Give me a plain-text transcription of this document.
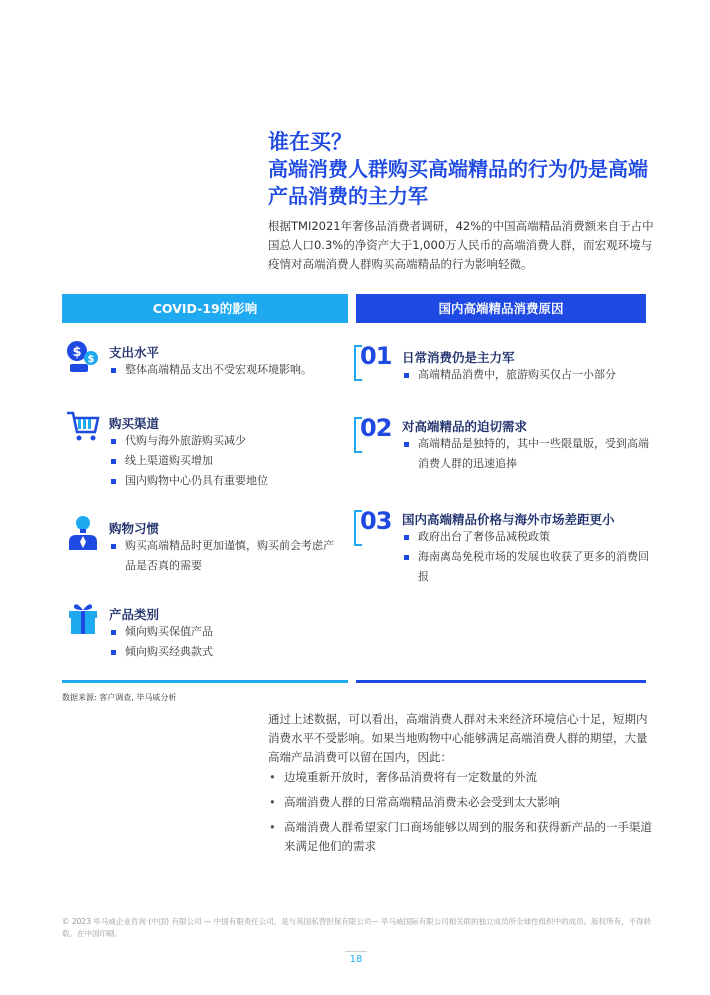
谁在买？
高端消费人群购买高端精品的行为仍是高端产品消费的主力军
根据TMI2021年奢侈品消费者调研，42%的中国高端精品消费额来自于占中国总人口0.3%的净资产大于1,000万人民币的高端消费人群，而宏观环境与疫情对高端消费人群购买高端精品的行为影响轻微。
COVID-19的影响	国内高端精品消费原因
$ $ 支出水平
整体高端精品支出不受宏观环境影响。
购买渠道
代购与海外旅游购买减少
线上渠道购买增加
国内购物中心仍具有重要地位
购物习惯
购买高端精品时更加谨慎，购买前会考虑产品是否真的需要
产品类别
倾向购买保值产品
倾向购买经典款式
01 日常消费仍是主力军
高端精品消费中，旅游购买仅占一小部分
02 对高端精品的迫切需求
高端精品是独特的，其中一些限量版，受到高端消费人群的迅速追捧
03 国内高端精品价格与海外市场差距更小
政府出台了奢侈品减税政策
海南离岛免税市场的发展也收获了更多的消费回报
数据来源: 客户调查, 毕马威分析
通过上述数据，可以看出，高端消费人群对未来经济环境信心十足，短期内消费水平不受影响。如果当地购物中心能够满足高端消费人群的期望，大量高端产品消费可以留在国内，因此：
• 边境重新开放时，奢侈品消费将有一定数量的外流
• 高端消费人群的日常高端精品消费未必会受到太大影响
• 高端消费人群希望家门口商场能够以周到的服务和获得新产品的一手渠道来满足他们的需求
© 2023 毕马威企业咨询 (中国) 有限公司 — 中国有限责任公司，是与英国私营担保有限公司— 毕马威国际有限公司相关联的独立成员所全球性组织中的成员。版权所有，不得转载。在中国印刷。
18
